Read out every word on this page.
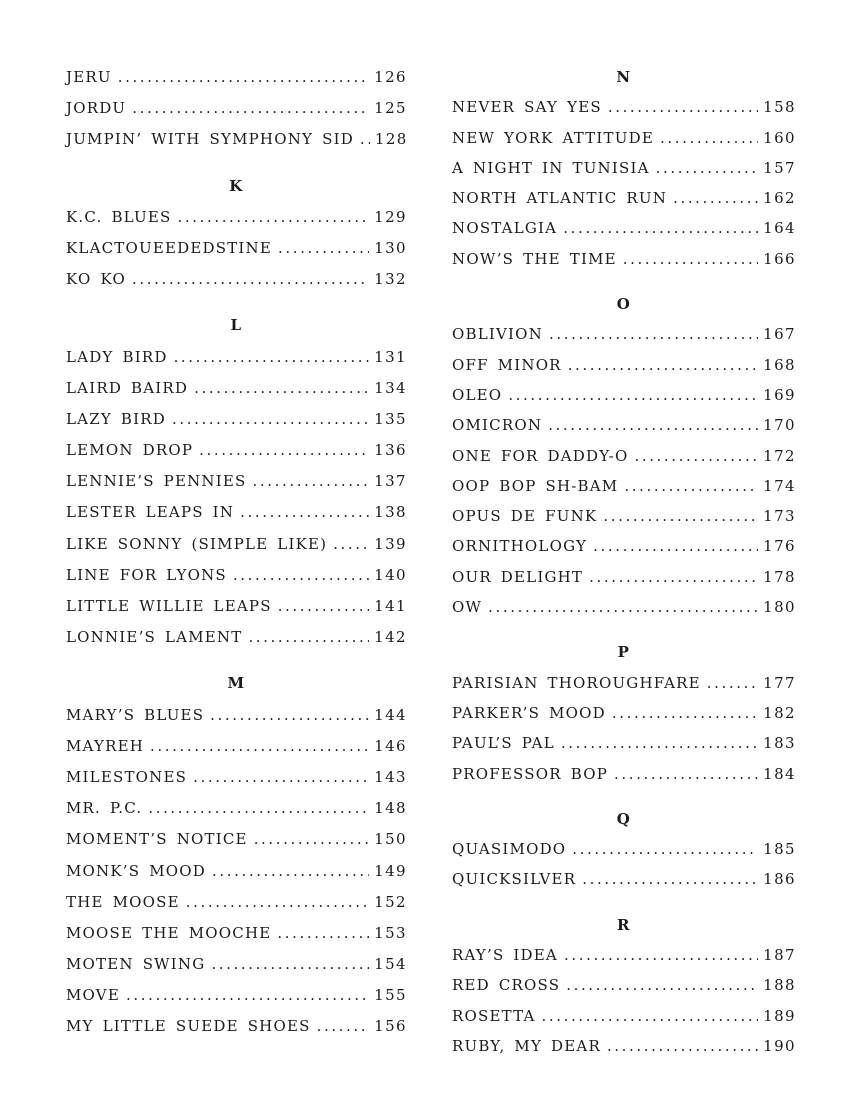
JERU .....	126
JORDU .....	125
JUMPIN’ WITH SYMPHONY SID ..... 128
K
K.C. BLUES .....	129
KLACTOUEEDEDSTINE .....	130
KO KO .....	132
L
LADY BIRD .....	131
LAIRD BAIRD .....	134
LAZY BIRD .....	135
LEMON DROP .....	136
LENNIE’S PENNIES .....	137
LESTER LEAPS IN .....	138
LIKE SONNY (SIMPLE LIKE) .....	139
LINE FOR LYONS .....	140
LITTLE WILLIE LEAPS .....	141
LONNIE’S LAMENT .....	142
M
MARY’S BLUES .....	144
MAYREH .....	146
MILESTONES .....	143
MR. P.C. .....	148
MOMENT’S NOTICE .....	150
MONK’S MOOD .....	149
THE MOOSE .....	152
MOOSE THE MOOCHE .....	153
MOTEN SWING .....	154
MOVE .....	155
MY LITTLE SUEDE SHOES .....	156
N
NEVER SAY YES .....	158
NEW YORK ATTITUDE .....	160
A NIGHT IN TUNISIA .....	157
NORTH ATLANTIC RUN .....	162
NOSTALGIA .....	164
NOW’S THE TIME .....	166
O
OBLIVION .....	167
OFF MINOR .....	168
OLEO .....	169
OMICRON .....	170
ONE FOR DADDY-O .....	172
OOP BOP SH-BAM .....	174
OPUS DE FUNK .....	173
ORNITHOLOGY .....	176
OUR DELIGHT .....	178
OW .....	180
P
PARISIAN THOROUGHFARE .....	177
PARKER’S MOOD .....	182
PAUL’S PAL .....	183
PROFESSOR BOP .....	184
Q
QUASIMODO .....	185
QUICKSILVER .....	186
R
RAY’S IDEA .....	187
RED CROSS .....	188
ROSETTA .....	189
RUBY, MY DEAR .....	190
